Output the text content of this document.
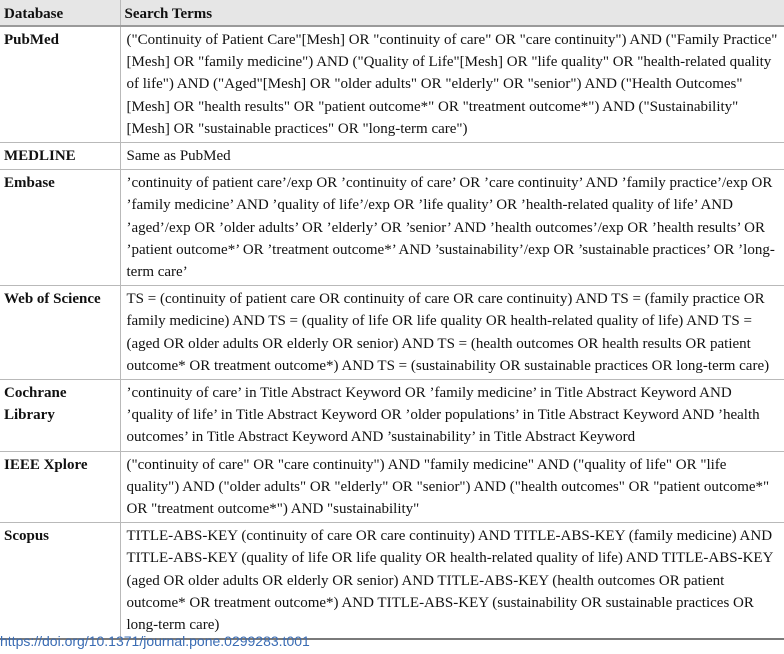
Database	Search Terms
PubMed	("Continuity of Patient Care"[Mesh] OR "continuity of care" OR "care continuity") AND ("Family Practice"[Mesh] OR "family medicine") AND ("Quality of Life"[Mesh] OR "life quality" OR "health-related quality of life") AND ("Aged"[Mesh] OR "older adults" OR "elderly" OR "senior") AND ("Health Outcomes"[Mesh] OR "health results" OR "patient outcome*" OR "treatment outcome*") AND ("Sustainability"[Mesh] OR "sustainable practices" OR "long-term care")
MEDLINE	Same as PubMed
Embase	’continuity of patient care’/exp OR ’continuity of care’ OR ’care continuity’ AND ’family practice’/exp OR ’family medicine’ AND ’quality of life’/exp OR ’life quality’ OR ’health-related quality of life’ AND ’aged’/exp OR ’older adults’ OR ’elderly’ OR ’senior’ AND ’health outcomes’/exp OR ’health results’ OR ’patient outcome*’ OR ’treatment outcome*’ AND ’sustainability’/exp OR ’sustainable practices’ OR ’long-term care’
Web of Science	TS = (continuity of patient care OR continuity of care OR care continuity) AND TS = (family practice OR family medicine) AND TS = (quality of life OR life quality OR health-related quality of life) AND TS = (aged OR older adults OR elderly OR senior) AND TS = (health outcomes OR health results OR patient outcome* OR treatment outcome*) AND TS = (sustainability OR sustainable practices OR long-term care)
Cochrane Library	’continuity of care’ in Title Abstract Keyword OR ’family medicine’ in Title Abstract Keyword AND ’quality of life’ in Title Abstract Keyword OR ’older populations’ in Title Abstract Keyword AND ’health outcomes’ in Title Abstract Keyword AND ’sustainability’ in Title Abstract Keyword
IEEE Xplore	("continuity of care" OR "care continuity") AND "family medicine" AND ("quality of life" OR "life quality") AND ("older adults" OR "elderly" OR "senior") AND ("health outcomes" OR "patient outcome*" OR "treatment outcome*") AND "sustainability"
Scopus	TITLE-ABS-KEY (continuity of care OR care continuity) AND TITLE-ABS-KEY (family medicine) AND TITLE-ABS-KEY (quality of life OR life quality OR health-related quality of life) AND TITLE-ABS-KEY (aged OR older adults OR elderly OR senior) AND TITLE-ABS-KEY (health outcomes OR patient outcome* OR treatment outcome*) AND TITLE-ABS-KEY (sustainability OR sustainable practices OR long-term care)
https://doi.org/10.1371/journal.pone.0299283.t001
